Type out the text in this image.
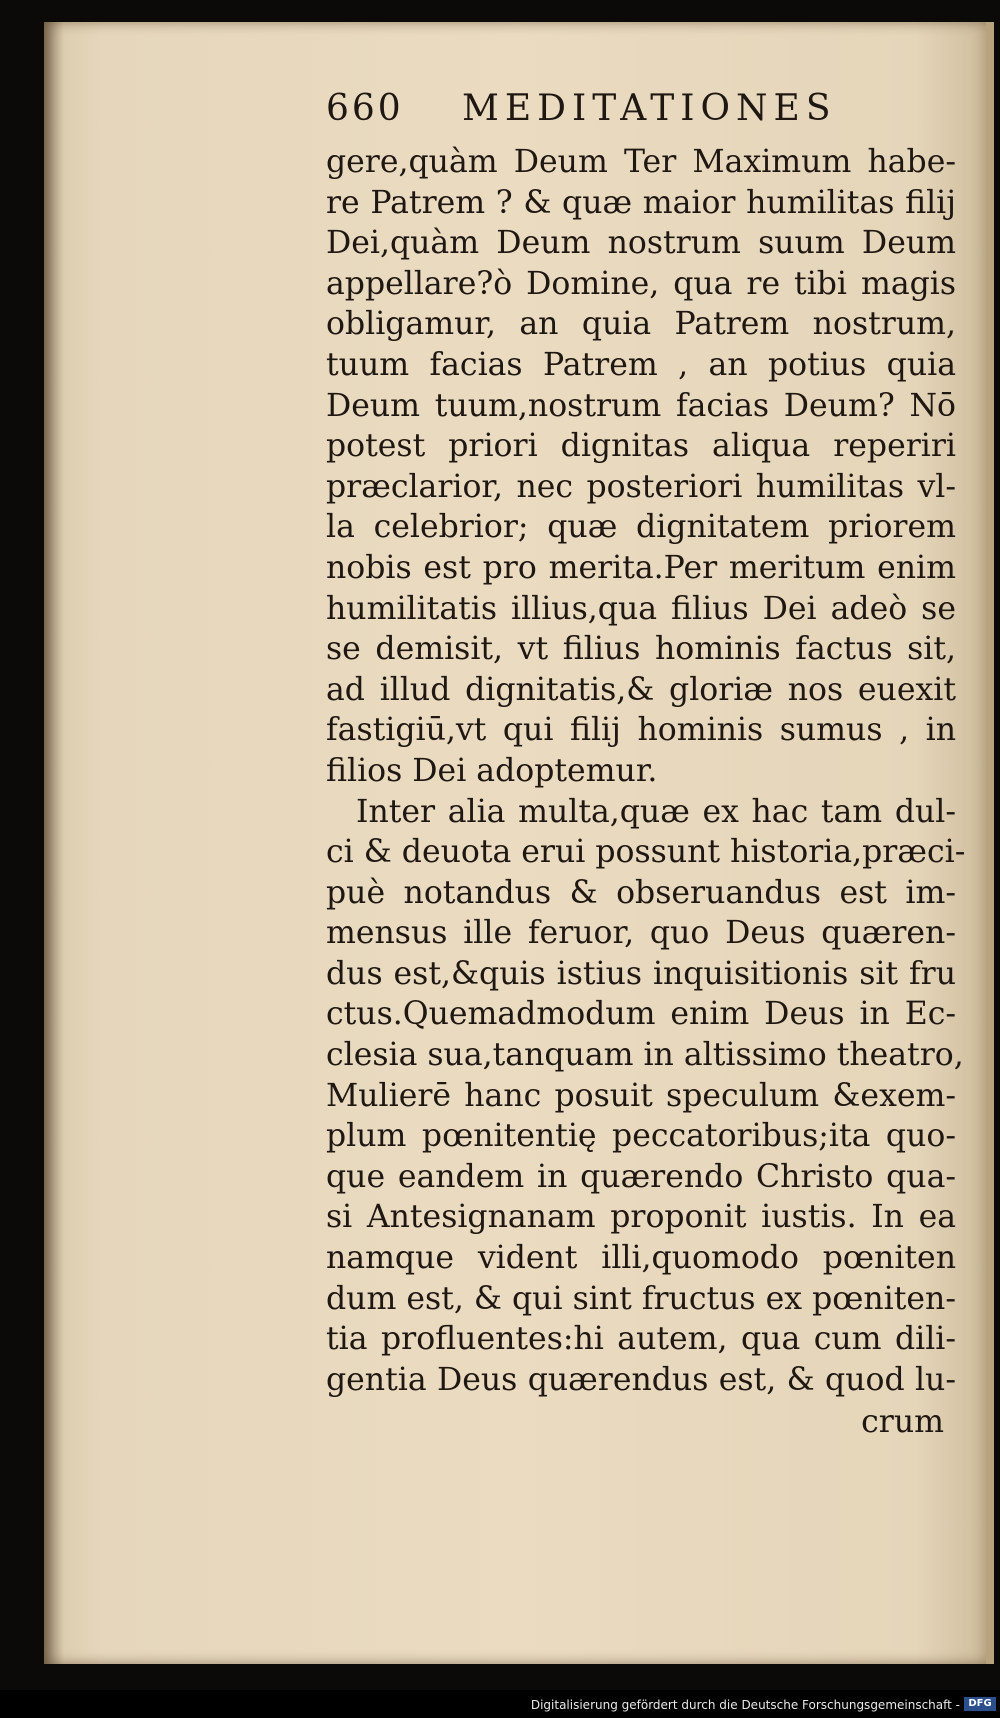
660 MEDITATIONES
gere,quàm Deum Ter Maximum habe-
re Patrem ? & quæ maior humilitas filij
Dei,quàm Deum nostrum suum Deum
appellare?ò Domine, qua re tibi magis
obligamur, an quia Patrem nostrum,
tuum facias Patrem , an potius quia
Deum tuum,nostrum facias Deum? Nō
potest priori dignitas aliqua reperiri
præclarior, nec posteriori humilitas vl-
la celebrior; quæ dignitatem priorem
nobis est pro merita.Per meritum enim
humilitatis illius,qua filius Dei adeò se
se demisit, vt filius hominis factus sit,
ad illud dignitatis,& gloriæ nos euexit
fastigiū,vt qui filij hominis sumus , in
filios Dei adoptemur.
Inter alia multa,quæ ex hac tam dul-
ci & deuota erui possunt historia,præci-
puè notandus & obseruandus est im-
mensus ille feruor, quo Deus quæren-
dus est,&quis istius inquisitionis sit fru
ctus.Quemadmodum enim Deus in Ec-
clesia sua,tanquam in altissimo theatro,
Mulierē hanc posuit speculum &exem-
plum pœnitentię peccatoribus;ita quo-
que eandem in quærendo Christo qua-
si Antesignanam proponit iustis. In ea
namque vident illi,quomodo pœniten
dum est, & qui sint fructus ex pœniten-
tia profluentes:hi autem, qua cum dili-
gentia Deus quærendus est, & quod lu-
crum
Digitalisierung gefördert durch die Deutsche Forschungsgemeinschaft - DFG
